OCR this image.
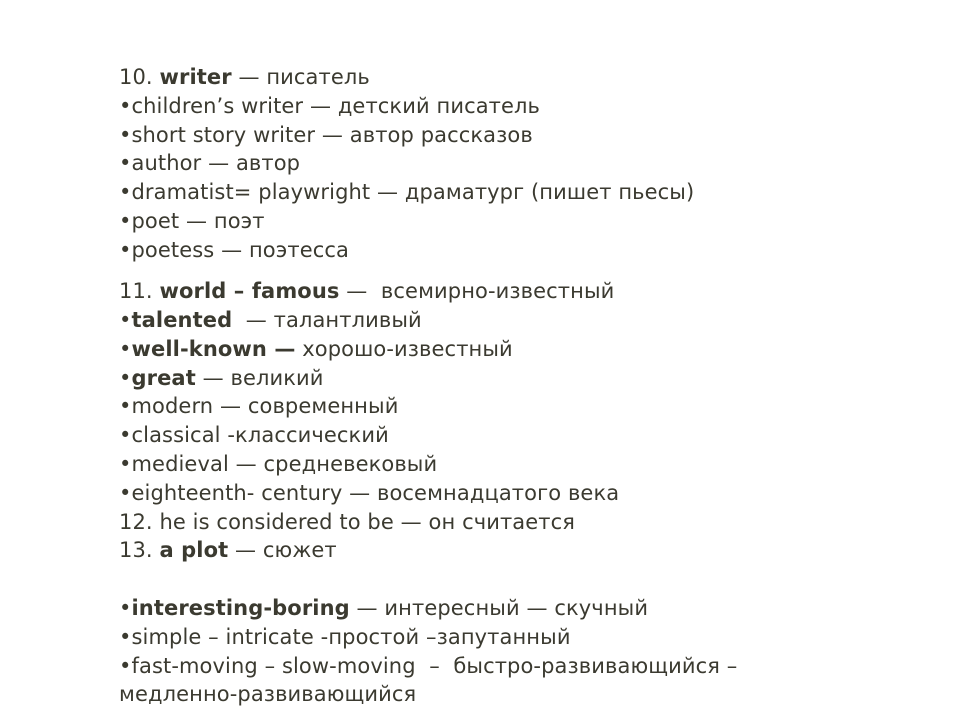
10. writer — писатель
•children’s writer — детский писатель
•short story writer — автор рассказов
•author — автор
•dramatist= playwright — драматург (пишет пьесы)
•poet — поэт
•poetess — поэтесса
11. world – famous —  всемирно-известный
•talented  — талантливый
•well-known — хорошо-известный
•great — великий
•modern — современный
•classical -классический
•medieval — средневековый
•eighteenth- century — восемнадцатого века
12. he is considered to be — он считается
13. a plot — сюжет
•interesting-boring — интересный — скучный
•simple – intricate -простой –запутанный
•fast-moving – slow-moving  –  быстро-развивающийся –
медленно-развивающийся
